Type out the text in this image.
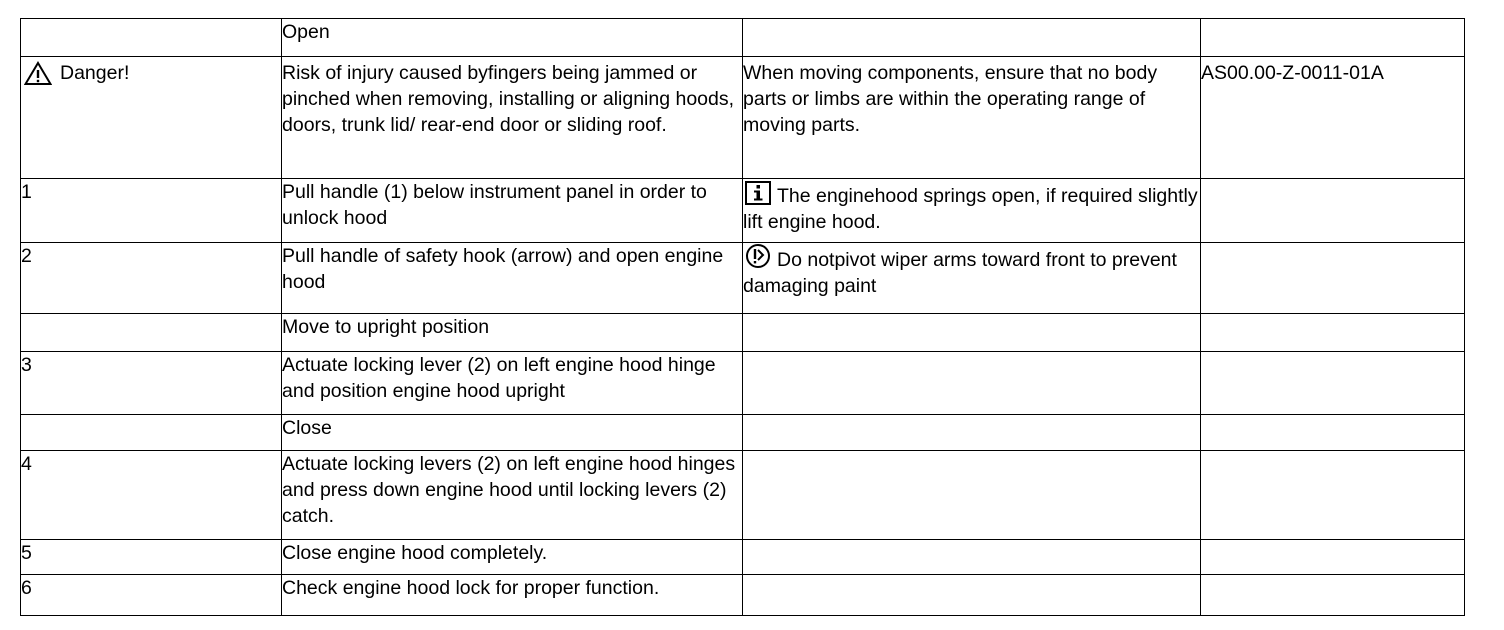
	Open		

Danger!	Risk of injury caused byfingers being jammed or pinched when removing, installing or aligning hoods, doors, trunk lid/ rear-end door or sliding roof.	When moving components, ensure that no body parts or limbs are within the operating range of moving parts.	AS00.00-Z-0011-01A
1	Pull handle (1) below instrument panel in order to unlock hood	The enginehood springs open, if required slightly lift engine hood.	
2	Pull handle of safety hook (arrow) and open engine hood	Do notpivot wiper arms toward front to prevent damaging paint	
	Move to upright position		
3	Actuate locking lever (2) on left engine hood hinge and position engine hood upright		
	Close		
4	Actuate locking levers (2) on left engine hood hinges and press down engine hood until locking levers (2) catch.		
5	Close engine hood completely.		
6	Check engine hood lock for proper function.		
